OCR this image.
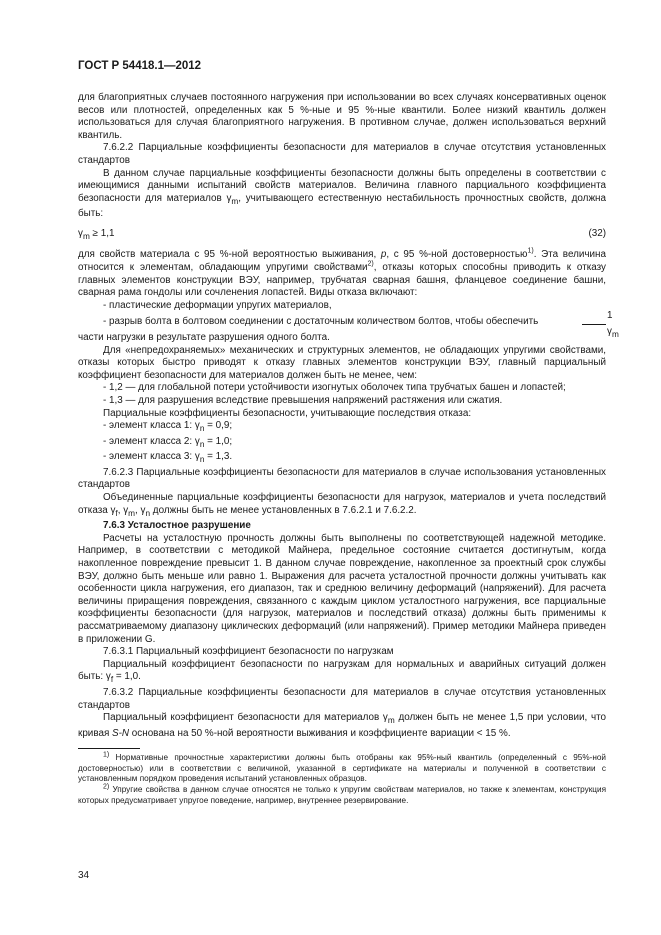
ГОСТ Р 54418.1—2012

для благоприятных случаев постоянного нагружения при использовании во всех случаях консервативных оценок весов или плотностей, определенных как 5 %-ные и 95 %-ные квантили. Более низкий квантиль должен использоваться для случая благоприятного нагружения. В противном случае, должен использоваться верхний квантиль.

7.6.2.2 Парциальные коэффициенты безопасности для материалов в случае отсутствия установленных стандартов

В данном случае парциальные коэффициенты безопасности должны быть определены в соответствии с имеющимися данными испытаний свойств материалов. Величина главного парциального коэффициента безопасности для материалов $\gamma_m$, учитывающего естественную нестабильность прочностных свойств, должна быть:

$\gamma_m \ge 1,1$	(32)

для свойств материала с 95 %-ной вероятностью выживания, p, с 95 %-ной достоверностью$^{1)}$. Эта величина относится к элементам, обладающим упругими свойствами$^{2)}$, отказы которых способны приводить к отказу главных элементов конструкции ВЭУ, например, трубчатая сварная башня, фланцевое соединение башни, сварная рама гондолы или сочленения лопастей. Виды отказа включают:

- пластические деформации упругих материалов,

- разрыв болта в болтовом соединении с достаточным количеством болтов, чтобы обеспечить	$\frac{1}{\gamma_m}$

части нагрузки в результате разрушения одного болта.

Для «непредохраняемых» механических и структурных элементов, не обладающих упругими свойствами, отказы которых быстро приводят к отказу главных элементов конструкции ВЭУ, главный парциальный коэффициент безопасности для материалов должен быть не менее, чем:

- 1,2 — для глобальной потери устойчивости изогнутых оболочек типа трубчатых башен и лопастей;

- 1,3 — для разрушения вследствие превышения напряжений растяжения или сжатия.

Парциальные коэффициенты безопасности, учитывающие последствия отказа:

- элемент класса 1: $\gamma_n = 0,9$;

- элемент класса 2: $\gamma_n = 1,0$;

- элемент класса 3: $\gamma_n = 1,3$.

7.6.2.3 Парциальные коэффициенты безопасности для материалов в случае использования установленных стандартов

Объединенные парциальные коэффициенты безопасности для нагрузок, материалов и учета последствий отказа $\gamma_f$, $\gamma_m$, $\gamma_n$ должны быть не менее установленных в 7.6.2.1 и 7.6.2.2.

7.6.3 Усталостное разрушение

Расчеты на усталостную прочность должны быть выполнены по соответствующей надежной методике. Например, в соответствии с методикой Майнера, предельное состояние считается достигнутым, когда накопленное повреждение превысит 1. В данном случае повреждение, накопленное за проектный срок службы ВЭУ, должно быть меньше или равно 1. Выражения для расчета усталостной прочности должны учитывать как особенности цикла нагружения, его диапазон, так и среднюю величину деформаций (напряжений). Для расчета величины приращения повреждения, связанного с каждым циклом усталостного нагружения, все парциальные коэффициенты безопасности (для нагрузок, материалов и последствий отказа) должны быть применимы к рассматриваемому диапазону циклических деформаций (или напряжений). Пример методики Майнера приведен в приложении G.

7.6.3.1 Парциальный коэффициент безопасности по нагрузкам

Парциальный коэффициент безопасности по нагрузкам для нормальных и аварийных ситуаций должен быть: $\gamma_f = 1,0$.

7.6.3.2 Парциальные коэффициенты безопасности для материалов в случае отсутствия установленных стандартов

Парциальный коэффициент безопасности для материалов $\gamma_m$ должен быть не менее 1,5 при условии, что кривая S-N основана на 50 %-ной вероятности выживания и коэффициенте вариации < 15 %.

$^{1)}$ Нормативные прочностные характеристики должны быть отобраны как 95%-ный квантиль (определенный с 95%-ной достоверностью) или в соответствии с величиной, указанной в сертификате на материалы и полученной в соответствии с установленным порядком проведения испытаний установленных образцов.

$^{2)}$ Упругие свойства в данном случае относятся не только к упругим свойствам материалов, но также к элементам, конструкция которых предусматривает упругое поведение, например, внутреннее резервирование.

34
